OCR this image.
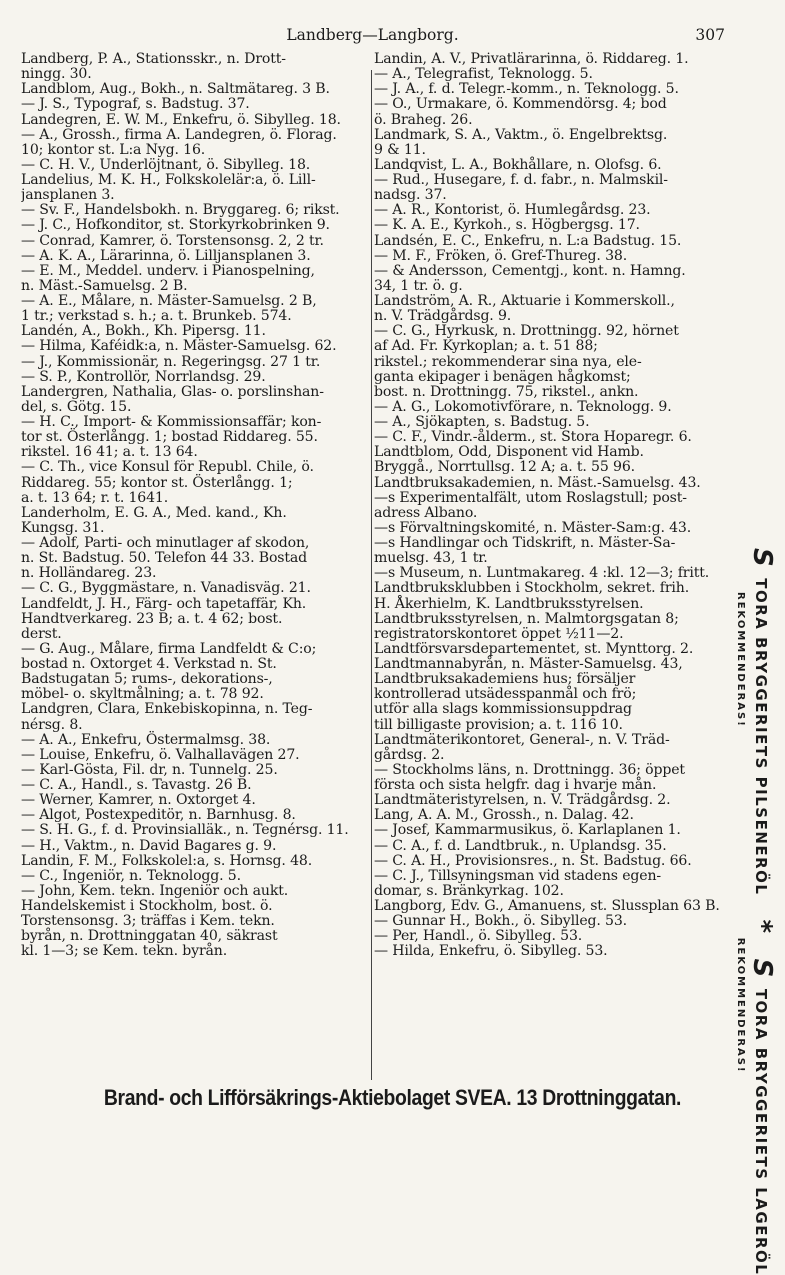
Landberg—Langborg.	307
Landberg, P. A., Stationsskr., n. Drott-
ningg. 30.
Landblom, Aug., Bokh., n. Saltmätareg. 3 B.
— J. S., Typograf, s. Badstug. 37.
Landegren, E. W. M., Enkefru, ö. Sibylleg. 18.
— A., Grossh., firma A. Landegren, ö. Florag.
10; kontor st. L:a Nyg. 16.
— C. H. V., Underlöjtnant, ö. Sibylleg. 18.
Landelius, M. K. H., Folkskolelär:a, ö. Lill-
jansplanen 3.
— Sv. F., Handelsbokh. n. Bryggareg. 6; rikst.
— J. C., Hofkonditor, st. Storkyrkobrinken 9.
— Conrad, Kamrer, ö. Torstensonsg. 2, 2 tr.
— A. K. A., Lärarinna, ö. Lilljansplanen 3.
— E. M., Meddel. underv. i Pianospelning,
n. Mäst.-Samuelsg. 2 B.
— A. E., Målare, n. Mäster-Samuelsg. 2 B,
1 tr.; verkstad s. h.; a. t. Brunkeb. 574.
Landén, A., Bokh., Kh. Pipersg. 11.
— Hilma, Kaféidk:a, n. Mäster-Samuelsg. 62.
— J., Kommissionär, n. Regeringsg. 27 1 tr.
— S. P., Kontrollör, Norrlandsg. 29.
Landergren, Nathalia, Glas- o. porslinshan-
del, s. Götg. 15.
— H. C., Import- & Kommissionsaffär; kon-
tor st. Österlångg. 1; bostad Riddareg. 55.
rikstel. 16 41; a. t. 13 64.
— C. Th., vice Konsul för Republ. Chile, ö.
Riddareg. 55; kontor st. Österlångg. 1;
a. t. 13 64; r. t. 1641.
Landerholm, E. G. A., Med. kand., Kh.
Kungsg. 31.
— Adolf, Parti- och minutlager af skodon,
n. St. Badstug. 50. Telefon 44 33. Bostad
n. Holländareg. 23.
— C. G., Byggmästare, n. Vanadisväg. 21.
Landfeldt, J. H., Färg- och tapetaffär, Kh.
Handtverkareg. 23 B; a. t. 4 62; bost.
derst.
— G. Aug., Målare, firma Landfeldt & C:o;
bostad n. Oxtorget 4. Verkstad n. St.
Badstugatan 5; rums-, dekorations-,
möbel- o. skyltmålning; a. t. 78 92.
Landgren, Clara, Enkebiskopinna, n. Teg-
nérsg. 8.
— A. A., Enkefru, Östermalmsg. 38.
— Louise, Enkefru, ö. Valhallavägen 27.
— Karl-Gösta, Fil. dr, n. Tunnelg. 25.
— C. A., Handl., s. Tavastg. 26 B.
— Werner, Kamrer, n. Oxtorget 4.
— Algot, Postexpeditör, n. Barnhusg. 8.
— S. H. G., f. d. Provinsialläk., n. Tegnérsg. 11.
— H., Vaktm., n. David Bagares g. 9.
Landin, F. M., Folkskolel:a, s. Hornsg. 48.
— C., Ingeniör, n. Teknologg. 5.
— John, Kem. tekn. Ingeniör och aukt.
Handelskemist i Stockholm, bost. ö.
Torstensonsg. 3; träffas i Kem. tekn.
byrån, n. Drottninggatan 40, säkrast
kl. 1—3; se Kem. tekn. byrån.
Landin, A. V., Privatlärarinna, ö. Riddareg. 1.
— A., Telegrafist, Teknologg. 5.
— J. A., f. d. Telegr.-komm., n. Teknologg. 5.
— O., Urmakare, ö. Kommendörsg. 4; bod
ö. Braheg. 26.
Landmark, S. A., Vaktm., ö. Engelbrektsg.
9 & 11.
Landqvist, L. A., Bokhållare, n. Olofsg. 6.
— Rud., Husegare, f. d. fabr., n. Malmskil-
nadsg. 37.
— A. R., Kontorist, ö. Humlegårdsg. 23.
— K. A. E., Kyrkoh., s. Högbergsg. 17.
Landsén, E. C., Enkefru, n. L:a Badstug. 15.
— M. F., Fröken, ö. Gref-Thureg. 38.
— & Andersson, Cementgj., kont. n. Hamng.
34, 1 tr. ö. g.
Landström, A. R., Aktuarie i Kommerskoll.,
n. V. Trädgårdsg. 9.
— C. G., Hyrkusk, n. Drottningg. 92, hörnet
af Ad. Fr. Kyrkoplan; a. t. 51 88;
rikstel.; rekommenderar sina nya, ele-
ganta ekipager i benägen hågkomst;
bost. n. Drottningg. 75, rikstel., ankn.
— A. G., Lokomotivförare, n. Teknologg. 9.
— A., Sjökapten, s. Badstug. 5.
— C. F., Vindr.-ålderm., st. Stora Hoparegr. 6.
Landtblom, Odd, Disponent vid Hamb.
Bryggå., Norrtullsg. 12 A; a. t. 55 96.
Landtbruksakademien, n. Mäst.-Samuelsg. 43.
—s Experimentalfält, utom Roslagstull; post-
adress Albano.
—s Förvaltningskomité, n. Mäster-Sam:g. 43.
—s Handlingar och Tidskrift, n. Mäster-Sa-
muelsg. 43, 1 tr.
—s Museum, n. Luntmakareg. 4 :kl. 12—3; fritt.
Landtbruksklubben i Stockholm, sekret. frih.
H. Åkerhielm, K. Landtbruksstyrelsen.
Landtbruksstyrelsen, n. Malmtorgsgatan 8;
registratorskontoret öppet ½11—2.
Landtförsvarsdepartementet, st. Mynttorg. 2.
Landtmannabyrån, n. Mäster-Samuelsg. 43,
Landtbruksakademiens hus; försäljer
kontrollerad utsädesspanmål och frö;
utför alla slags kommissionsuppdrag
till billigaste provision; a. t. 116 10.
Landtmäterikontoret, General-, n. V. Träd-
gårdsg. 2.
— Stockholms läns, n. Drottningg. 36; öppet
första och sista helgfr. dag i hvarje mån.
Landtmäteristyrelsen, n. V. Trädgårdsg. 2.
Lang, A. A. M., Grossh., n. Dalag. 42.
— Josef, Kammarmusikus, ö. Karlaplanen 1.
— C. A., f. d. Landtbruk., n. Uplandsg. 35.
— C. A. H., Provisionsres., n. St. Badstug. 66.
— C. J., Tillsyningsman vid stadens egen-
domar, s. Bränkyrkag. 102.
Langborg, Edv. G., Amanuens, st. Slussplan 63 B.
— Gunnar H., Bokh., ö. Sibylleg. 53.
— Per, Handl., ö. Sibylleg. 53.
— Hilda, Enkefru, ö. Sibylleg. 53.
S
TORA BRYGGERIETS PILSENERÖL
*
S
TORA BRYGGERIETS LAGERÖL
REKOMMENDERAS!
REKOMMENDERAS!
Brand- och Lifförsäkrings-Aktiebolaget SVEA. 13 Drottninggatan.
